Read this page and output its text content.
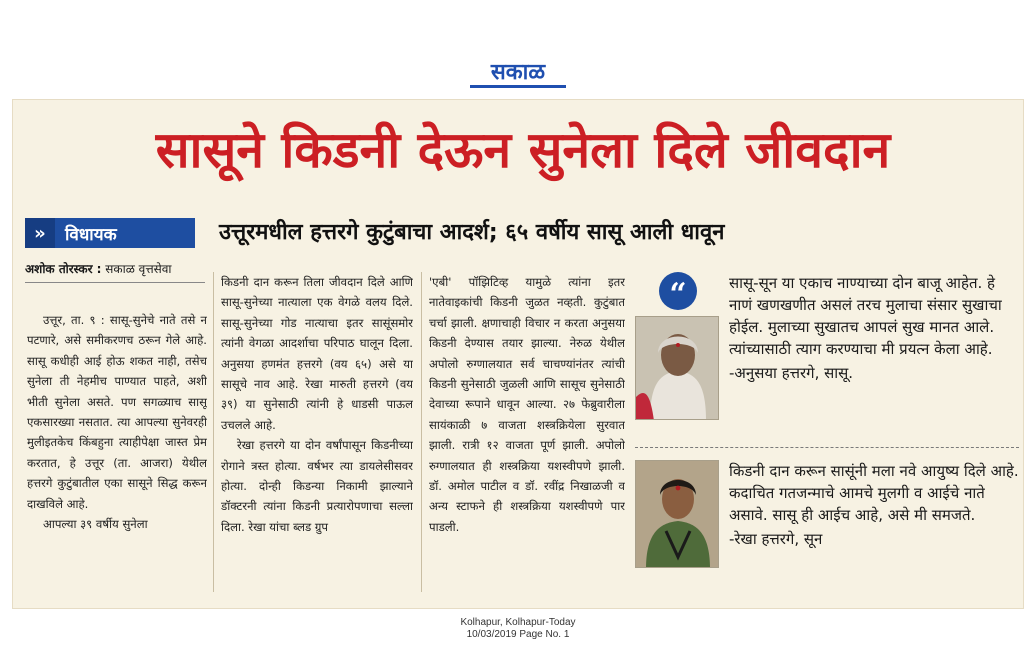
सकाळ
सासूने किडनी देऊन सुनेला दिले जीवदान
»	विधायक	उत्तूरमधील हत्तरगे कुटुंबाचा आदर्श; ६५ वर्षीय सासू आली धावून
अशोक तोरस्कर : सकाळ वृत्तसेवा

उत्तूर, ता. ९ : सासू-सुनेचे नाते तसे न पटणारे, असे समीकरणच ठरून गेले आहे. सासू कधीही आई होऊ शकत नाही, तसेच सुनेला ती नेहमीच पाण्यात पाहते, अशी भीती सुनेला असते. पण सगळ्याच सासू एकसारख्या नसतात. त्या आपल्या सुनेवरही मुलीइतकेच किंबहुना त्याहीपेक्षा जास्त प्रेम करतात, हे उत्तूर (ता. आजरा) येथील हत्तरगे कुटुंबातील एका सासूने सिद्ध करून दाखविले आहे.

आपल्या ३९ वर्षीय सुनेला

किडनी दान करून तिला जीवदान दिले आणि सासू-सुनेच्या नात्याला एक वेगळे वलय दिले. सासू-सुनेच्या गोड नात्याचा इतर सासूंसमोर त्यांनी वेगळा आदर्शाचा परिपाठ घालून दिला. अनुसया हणमंत हत्तरगे (वय ६५) असे या सासूचे नाव आहे. रेखा मारुती हत्तरगे (वय ३९) या सुनेसाठी त्यांनी हे धाडसी पाऊल उचलले आहे.

रेखा हत्तरगे या दोन वर्षांपासून किडनीच्या रोगाने त्रस्त होत्या. वर्षभर त्या डायलेसीसवर होत्या. दोन्ही किडन्या निकामी झाल्याने डॉक्टरनी त्यांना किडनी प्रत्यारोपणाचा सल्ला दिला. रेखा यांचा ब्लड ग्रुप

'एबी' पॉझिटिव्ह यामुळे त्यांना इतर नातेवाइकांची किडनी जुळत नव्हती. कुटुंबात चर्चा झाली. क्षणाचाही विचार न करता अनुसया किडनी देण्यास तयार झाल्या. नेरुळ येथील अपोलो रुग्णालयात सर्व चाचण्यांनंतर त्यांची किडनी सुनेसाठी जुळली आणि सासूच सुनेसाठी देवाच्या रूपाने धावून आल्या. २७ फेब्रुवारीला सायंकाळी ७ वाजता शस्त्रक्रियेला सुरवात झाली. रात्री १२ वाजता पूर्ण झाली. अपोलो रुग्णालयात ही शस्त्रक्रिया यशस्वीपणे झाली. डॉ. अमोल पाटील व डॉ. रवींद्र निखाळजी व अन्य स्टाफने ही शस्त्रक्रिया यशस्वीपणे पार पाडली.

“	सासू-सून या एकाच नाण्याच्या दोन बाजू आहेत. हे नाणं खणखणीत असलं तरच मुलाचा संसार सुखाचा होईल. मुलाच्या सुखातच आपलं सुख मानत आले. त्यांच्यासाठी त्याग करण्याचा मी प्रयत्न केला आहे.
-अनुसया हत्तरगे, सासू.
किडनी दान करून सासूंनी मला नवे आयुष्य दिले आहे. कदाचित गतजन्माचे आमचे मुलगी व आईचे नाते असावे. सासू ही आईच आहे, असे मी समजते.
-रेखा हत्तरगे, सून
Kolhapur, Kolhapur-Today
10/03/2019 Page No. 1
